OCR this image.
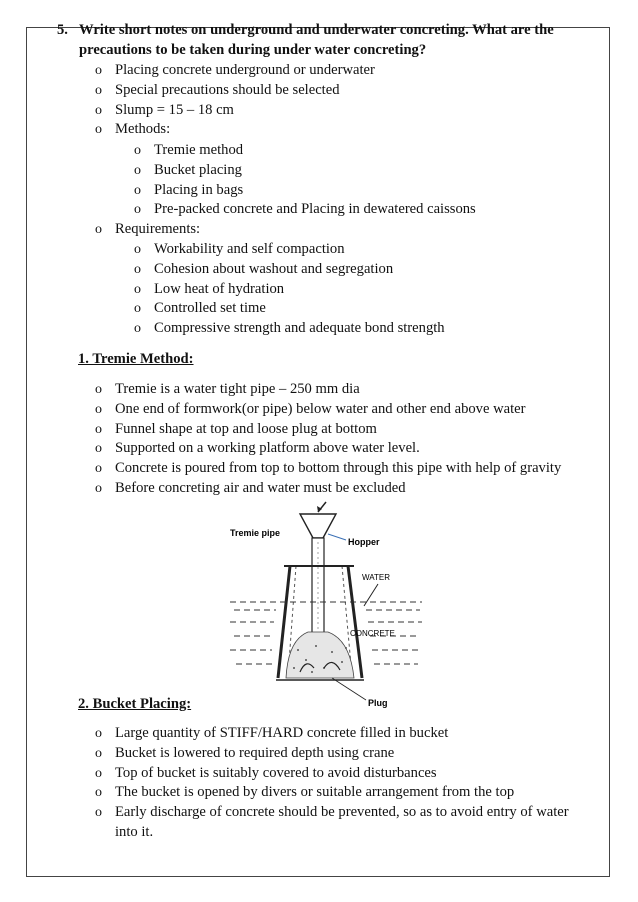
5. Write short notes on underground and underwater concreting. What are the precautions to be taken during under water concreting?
o Placing concrete underground or underwater
o Special precautions should be selected
o Slump = 15 – 18 cm
o Methods:
o Tremie method
o Bucket placing
o Placing in bags
o Pre-packed concrete and Placing in dewatered caissons
o Requirements:
o Workability and self compaction
o Cohesion about washout and segregation
o Low heat of hydration
o Controlled set time
o Compressive strength and adequate bond strength
1. Tremie Method:
o Tremie is a water tight pipe – 250 mm dia
o One end of formwork(or pipe) below water and other end above water
o Funnel shape at top and loose plug at bottom
o Supported on a working platform above water level.
o Concrete is poured from top to bottom through this pipe with help of gravity
o Before concreting air and water must be excluded
Tremie pipe
Hopper
WATER
CONCRETE
Plug
2. Bucket Placing:
o Large quantity of STIFF/HARD concrete filled in bucket
o Bucket is lowered to required depth using crane
o Top of bucket is suitably covered to avoid disturbances
o The bucket is opened by divers or suitable arrangement from the top
o Early discharge of concrete should be prevented, so as to avoid entry of water into it.
